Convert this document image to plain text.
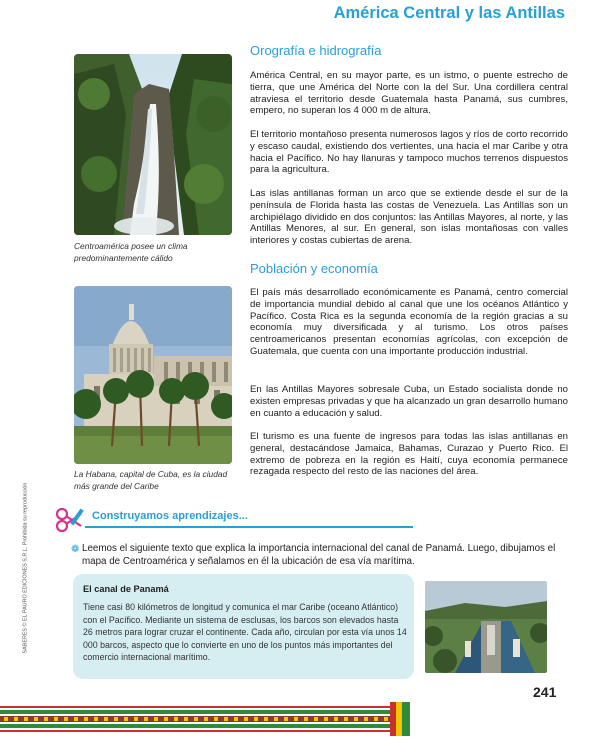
América Central y las Antillas
SABERES © EL PAURO EDICIONES S.R.L. Prohibida su reproducción
Centroamérica posee un clima predominantemente cálido
La Habana, capital de Cuba, es la ciudad más grande del Caribe
Orografía e hidrografía

América Central, en su mayor parte, es un istmo, o puente estrecho de tierra, que une América del Norte con la del Sur. Una cordillera central atraviesa el territorio desde Guatemala hasta Panamá, sus cumbres, empero, no superan los 4 000 m de altura.

El territorio montañoso presenta numerosos lagos y ríos de corto recorrido y escaso caudal, existiendo dos vertientes, una hacia el mar Caribe y otra hacia el Pacífico. No hay llanuras y tampoco muchos terrenos dispuestos para la agricultura.

Las islas antillanas forman un arco que se extiende desde el sur de la península de Florida hasta las costas de Venezuela. Las Antillas son un archipiélago dividido en dos conjuntos: las Antillas Mayores, al norte, y las Antillas Menores, al sur. En general, son islas montañosas con valles interiores y costas cubiertas de arena.

Población y economía

El país más desarrollado económicamente es Panamá, centro comercial de importancia mundial debido al canal que une los océanos Atlántico y Pacífico. Costa Rica es la segunda economía de la región gracias a su economía muy diversificada y al turismo. Los otros países centroamericanos presentan economías agrícolas, con excepción de Guatemala, que cuenta con una importante producción industrial.

En las Antillas Mayores sobresale Cuba, un Estado socialista donde no existen empresas privadas y que ha alcanzado un gran desarrollo humano en cuanto a educación y salud.

El turismo es una fuente de ingresos para todas las islas antillanas en general, destacándose Jamaica, Bahamas, Curazao y Puerto Rico. El extremo de pobreza en la región es Haití, cuya economía permanece rezagada respecto del resto de las naciones del área.

Construyamos aprendizajes...
❁ Leemos el siguiente texto que explica la importancia internacional del canal de Panamá. Luego, dibujamos el mapa de Centroamérica y señalamos en él la ubicación de esa vía marítima.
El canal de Panamá
Tiene casi 80 kilómetros de longitud y comunica el mar Caribe (oceano Atlántico) con el Pacífico. Mediante un sistema de esclusas, los barcos son elevados hasta 26 metros para lograr cruzar el continente. Cada año, circulan por esta vía unos 14 000 barcos, aspecto que lo convierte en uno de los puntos más importantes del comercio internacional marítimo.
241
